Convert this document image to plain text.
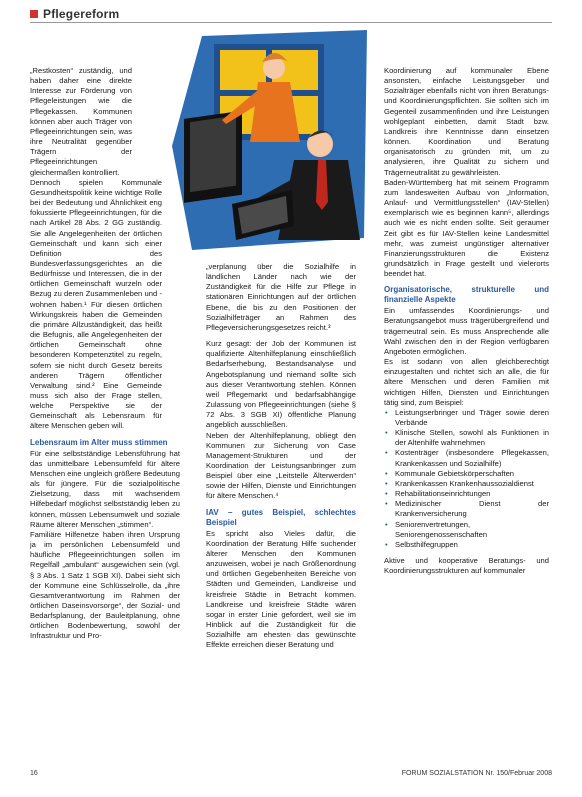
Pflegereform

„Restkosten“ zuständig, und haben daher eine direkte Interesse zur Förderung von Pflegeleistungen wie die Pflegekassen. Kommunen können aber auch Träger von Pflegeeinrichtungen sein, was ihre Neutralität gegenüber Trägern der Pflegeeinrichtungen gleichermaßen kontrolliert.

Dennoch spielen Kommunale Gesundheitspolitik keine wichtige Rolle bei der Bedeutung und Ähnlichkeit eng fokussierte Pflegeeinrichtungen, für die nach Artikel 28 Abs. 2 GG zuständig. Sie alle Angelegenheiten der örtlichen Gemeinschaft und kann sich einer Definition des Bundesverfassungsgerichtes an die Bedürfnisse und Interessen, die in der örtlichen Gemeinschaft wurzeln oder Bezug zu deren Zusammenleben und -wohnen haben.¹ Für diesen örtlichen Wirkungskreis haben die Gemeinden die primäre Allzuständigkeit, das heißt die Befugnis, alle Angelegenheiten der örtlichen Gemeinschaft ohne besonderen Kompetenztitel zu regeln, sofern sie nicht durch Gesetz bereits anderen Trägern öffentlicher Verwaltung sind.² Eine Gemeinde muss sich also der Frage stellen, welche Perspektive sie der Gemeinschaft als Lebensraum für ältere Menschen geben will.

Lebensraum im Alter muss stimmen

Für eine selbstständige Lebensführung hat das unmittelbare Lebensumfeld für ältere Menschen eine ungleich größere Bedeutung als für jüngere. Für die sozialpolitische Zielsetzung, dass mit wachsendem Hilfebedarf möglichst selbstständig leben zu können, müssen Lebensumwelt und soziale Räume älterer Menschen „stimmen“.

Familiäre Hilfenetze haben ihren Ursprung ja im persönlichen Lebensumfeld und häufliche Pflegeeinrichtungen sollen im Regelfall „ambulant“ ausgewichen sein (vgl. § 3 Abs. 1 Satz 1 SGB XI). Dabei sieht sich der Kommune eine Schlüsselrolle, da „ihre Gesamtverantwortung im Rahmen der örtlichen Daseinsvorsorge“, der Sozial- und Bedarfsplanung, der Bauleitplanung, ohne örtlichen Bodenbewertung, sowohl der Infrastruktur und Pro-

„verplanung über die Sozialhilfe in ländlichen Länder nach wie der Zuständigkeit für die Hilfe zur Pflege in stationären Einrichtungen auf der örtlichen Ebene, die bis zu den Positionen der Sozialhilfeträger an Rahmen des Pflegeversicherungsgesetzes reicht.³

Kurz gesagt: der Job der Kommunen ist qualifizierte Altenhilfeplanung einschließlich Bedarfserhebung, Bestandsanalyse und Angebotsplanung und niemand sollte sich aus dieser Verantwortung stehlen. Können weil Pflegemarkt und bedarfsabhängige Zulassung von Pflegeeinrichtungen (siehe § 72 Abs. 3 SGB XI) öffentliche Planung angeblich ausschließen.

Neben der Altenhilfeplanung, obliegt den Kommunen zur Sicherung von Case Management-Strukturen und der Koordination der Leistungsanbringer zum Beispiel über eine „Leitstelle Älterwerden“ sowie der Hilfen, Dienste und Einrichtungen für ältere Menschen.⁴

IAV – gutes Beispiel, schlechtes Beispiel

Es spricht also Vieles dafür, die Koordination der Beratung Hilfe suchender älterer Menschen den Kommunen anzuweisen, wobei je nach Größenordnung und örtlichen Gegebenheiten Bereiche von Städten und Gemeinden, Landkreise und kreisfreie Städte in Betracht kommen. Landkreise und kreisfreie Städte wären sogar in erster Linie gefordert, weil sie im Hinblick auf die Zuständigkeit für die Sozialhilfe am ehesten das gewünschte Effekte erreichen dieser Beratung und

Koordinierung auf kommunaler Ebene ansonsten, einfache Leistungsgeber und Sozialträger ebenfalls nicht von ihren Beratungs- und Koordinierungspflichten. Sie sollten sich im Gegenteil zusammenfinden und ihre Leistungen wohlgeplant einbetten, damit Stadt bzw. Landkreis ihre Kenntnisse dann einsetzen können. Koordination und Beratung organisatorisch zu gründen mit, um zu analysieren, ihre Qualität zu sichern und Trägerneutralität zu gewährleisten.

Baden-Württemberg hat mit seinem Programm zum landesweiten Aufbau von „Information, Anlauf- und Vermittlungsstellen“ (IAV-Stellen) exemplarisch wie es beginnen kann⁵, allerdings auch wie es nicht enden sollte. Seit geraumer Zeit gibt es für IAV-Stellen keine Landesmittel mehr, was zumeist ungünstiger alternativer Finanzierungsstrukturen die Existenz grundsätzlich in Frage gestellt und vielerorts beendet hat.

Organisatorische, strukturelle und finanzielle Aspekte

Ein umfassendes Koordinierungs- und Beratungsangebot muss trägerübergreifend und trägerneutral sein. Es muss Ansprechende alle Wahl zwischen den in der Region verfügbaren Angeboten ermöglichen.

Es ist sodann von allen gleichberechtigt einzugestalten und richtet sich an alle, die für ältere Menschen und deren Familien mit wichtigen Hilfen, Diensten und Einrichtungen tätig sind, zum Beispiel:

• Leistungserbringer und Träger sowie deren Verbände
• Klinische Stellen, sowohl als Funktionen in der Altenhilfe wahrnehmen
• Kostenträger (insbesondere Pflegekassen, Krankenkassen und Sozialhilfe)
• Kommunale Gebietskörperschaften
• Krankenkassen Krankenhaussozialdienst
• Rehabilitationseinrichtungen
• Medizinischer Dienst der Krankenversicherung
• Seniorenvertretungen, Seniorengenossenschaften
• Selbsthilfegruppen

Aktive und kooperative Beratungs- und Koordinierungsstrukturen auf kommunaler

16	FORUM SOZIALSTATION Nr. 150/Februar 2008
